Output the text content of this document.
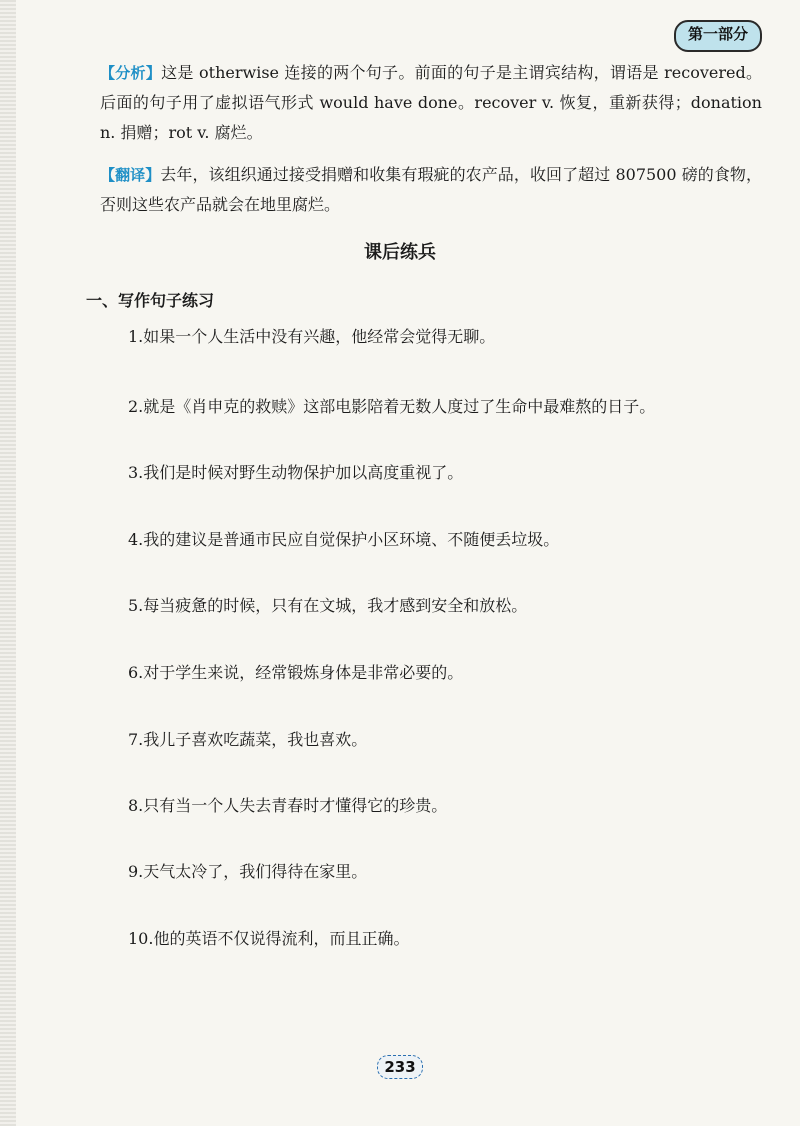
第一部分

【分析】这是 otherwise 连接的两个句子。前面的句子是主谓宾结构，谓语是 recovered。后面的句子用了虚拟语气形式 would have done。recover v. 恢复，重新获得；donation n. 捐赠；rot v. 腐烂。

【翻译】去年，该组织通过接受捐赠和收集有瑕疵的农产品，收回了超过 807500 磅的食物，否则这些农产品就会在地里腐烂。

课后练兵
一、写作句子练习
1.如果一个人生活中没有兴趣，他经常会觉得无聊。
2.就是《肖申克的救赎》这部电影陪着无数人度过了生命中最难熬的日子。
3.我们是时候对野生动物保护加以高度重视了。
4.我的建议是普通市民应自觉保护小区环境、不随便丢垃圾。
5.每当疲惫的时候，只有在文城，我才感到安全和放松。
6.对于学生来说，经常锻炼身体是非常必要的。
7.我儿子喜欢吃蔬菜，我也喜欢。
8.只有当一个人失去青春时才懂得它的珍贵。
9.天气太冷了，我们得待在家里。
10.他的英语不仅说得流利，而且正确。
233
